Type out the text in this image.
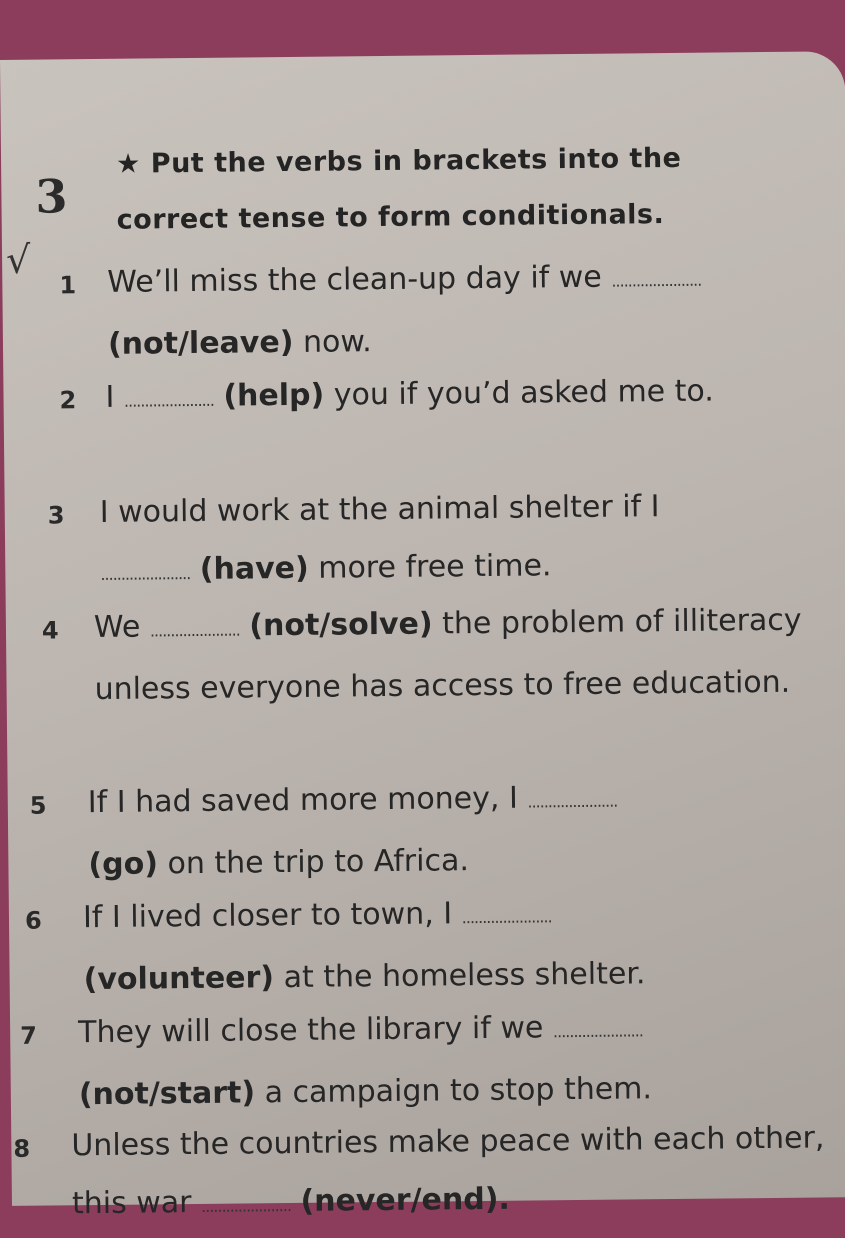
3
√
★ Put the verbs in brackets into the correct tense to form conditionals.
1 We’ll miss the clean-up day if we ......................
(not/leave) now.
2 I ...................... (help) you if you’d asked me to.
3 I would work at the animal shelter if I
...................... (have) more free time.
4 We ...................... (not/solve) the problem of illiteracy unless everyone has access to free education.
5 If I had saved more money, I ......................
(go) on the trip to Africa.
6 If I lived closer to town, I ......................
(volunteer) at the homeless shelter.
7 They will close the library if we ......................
(not/start) a campaign to stop them.
8 Unless the countries make peace with each other, this war ...................... (never/end).
